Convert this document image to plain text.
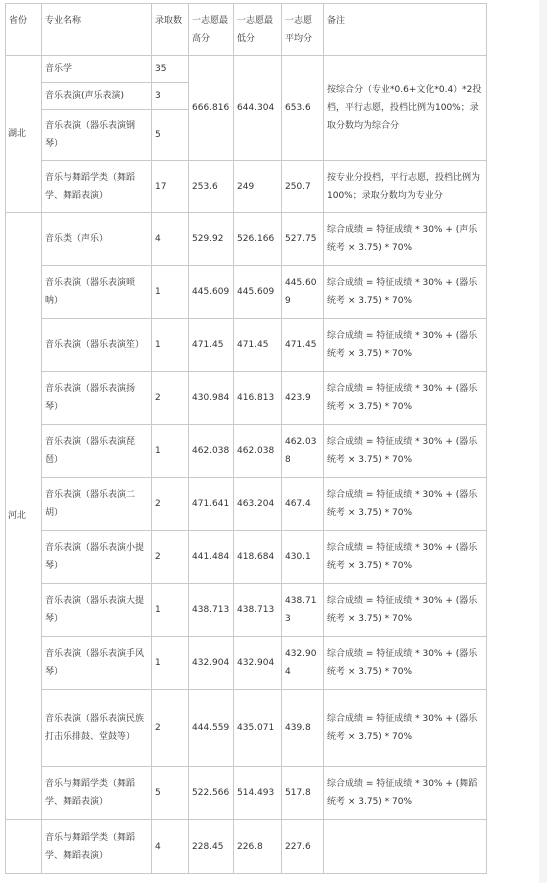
省份	专业名称	录取数	一志愿最高分	一志愿最低分	一志愿平均分	备注
湖北	音乐学	35	666.816	644.304	653.6	按综合分（专业*0.6+文化*0.4）*2投档，平行志愿，投档比例为100%；录取分数均为综合分
	音乐表演(声乐表演)	3				
	音乐表演（器乐表演钢琴）	5				
	音乐与舞蹈学类（舞蹈学、舞蹈表演）	17	253.6	249	250.7	按专业分投档，平行志愿，投档比例为100%；录取分数均为专业分
河北	音乐类（声乐）	4	529.92	526.166	527.75	综合成绩 = 特征成绩 * 30% + (声乐统考 × 3.75) * 70%
	音乐表演（器乐表演唢呐）	1	445.609	445.609	445.609	综合成绩 = 特征成绩 * 30% + (器乐统考 × 3.75) * 70%
	音乐表演（器乐表演笙）	1	471.45	471.45	471.45	综合成绩 = 特征成绩 * 30% + (器乐统考 × 3.75) * 70%
	音乐表演（器乐表演扬琴）	2	430.984	416.813	423.9	综合成绩 = 特征成绩 * 30% + (器乐统考 × 3.75) * 70%
	音乐表演（器乐表演琵琶）	1	462.038	462.038	462.038	综合成绩 = 特征成绩 * 30% + (器乐统考 × 3.75) * 70%
	音乐表演（器乐表演二胡）	2	471.641	463.204	467.4	综合成绩 = 特征成绩 * 30% + (器乐统考 × 3.75) * 70%
	音乐表演（器乐表演小提琴）	2	441.484	418.684	430.1	综合成绩 = 特征成绩 * 30% + (器乐统考 × 3.75) * 70%
	音乐表演（器乐表演大提琴）	1	438.713	438.713	438.713	综合成绩 = 特征成绩 * 30% + (器乐统考 × 3.75) * 70%
	音乐表演（器乐表演手风琴）	1	432.904	432.904	432.904	综合成绩 = 特征成绩 * 30% + (器乐统考 × 3.75) * 70%
	音乐表演（器乐表演民族打击乐排鼓、堂鼓等）	2	444.559	435.071	439.8	综合成绩 = 特征成绩 * 30% + (器乐统考 × 3.75) * 70%
	音乐与舞蹈学类（舞蹈学、舞蹈表演）	5	522.566	514.493	517.8	综合成绩 = 特征成绩 * 30% + (舞蹈统考 × 3.75) * 70%
	音乐与舞蹈学类（舞蹈学、舞蹈表演）	4	228.45	226.8	227.6	
